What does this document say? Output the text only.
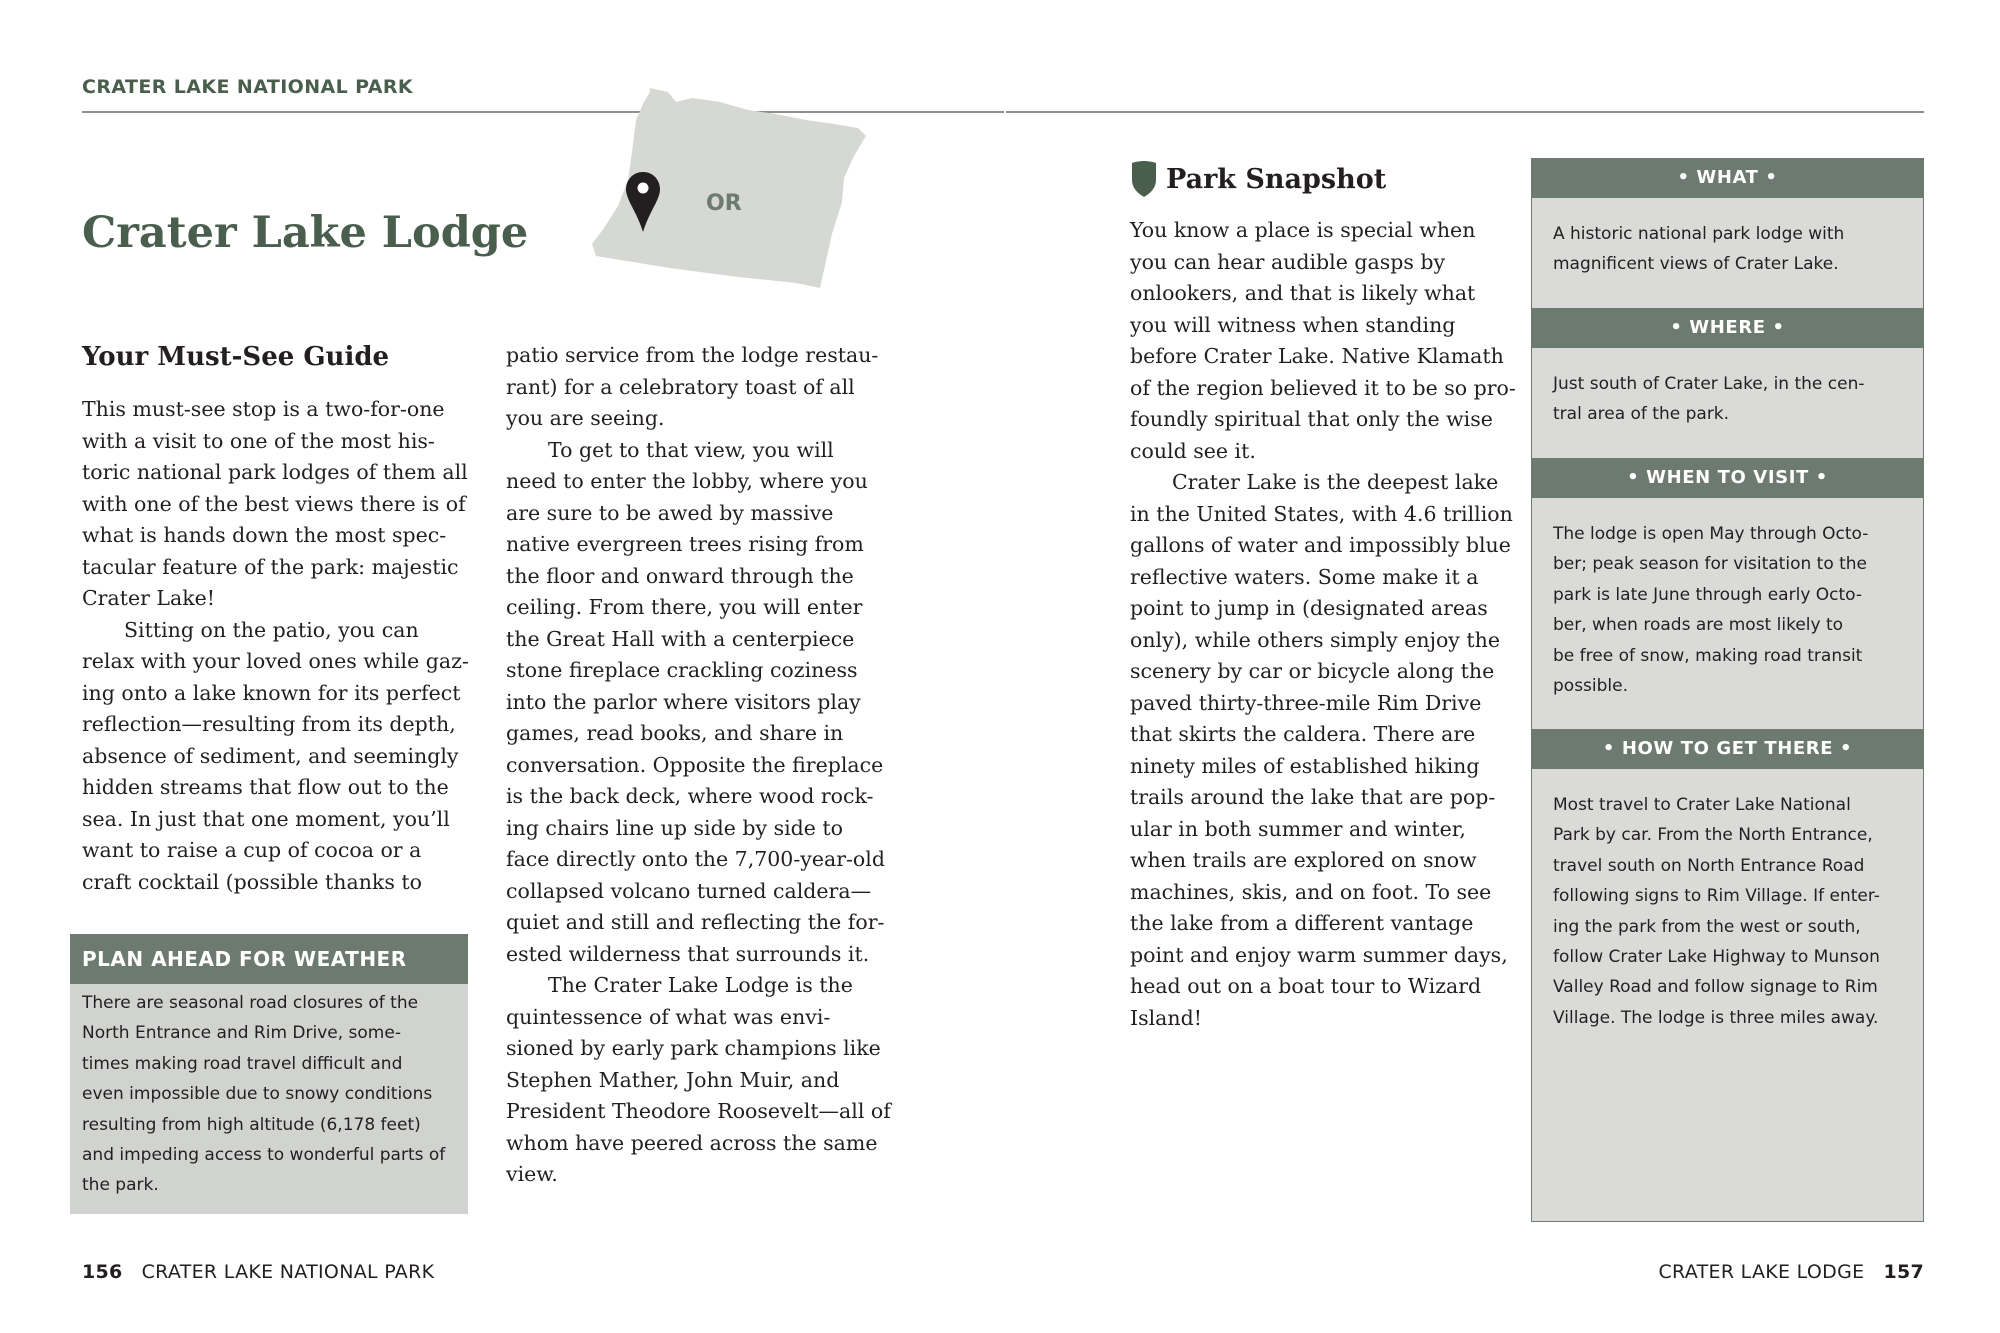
CRATER LAKE NATIONAL PARK
Crater Lake Lodge
OR
Your Must-See Guide
This must-see stop is a two-for-one
with a visit to one of the most his-
toric national park lodges of them all
with one of the best views there is of
what is hands down the most spec-
tacular feature of the park: majestic
Crater Lake!
Sitting on the patio, you can
relax with your loved ones while gaz-
ing onto a lake known for its perfect
reflection—resulting from its depth,
absence of sediment, and seemingly
hidden streams that flow out to the
sea. In just that one moment, you’ll
want to raise a cup of cocoa or a
craft cocktail (possible thanks to
PLAN AHEAD FOR WEATHER
There are seasonal road closures of the
North Entrance and Rim Drive, some-
times making road travel difficult and
even impossible due to snowy conditions
resulting from high altitude (6,178 feet)
and impeding access to wonderful parts of
the park.
patio service from the lodge restau-
rant) for a celebratory toast of all
you are seeing.
To get to that view, you will
need to enter the lobby, where you
are sure to be awed by massive
native evergreen trees rising from
the floor and onward through the
ceiling. From there, you will enter
the Great Hall with a centerpiece
stone fireplace crackling coziness
into the parlor where visitors play
games, read books, and share in
conversation. Opposite the fireplace
is the back deck, where wood rock-
ing chairs line up side by side to
face directly onto the 7,700-year-old
collapsed volcano turned caldera—
quiet and still and reflecting the for-
ested wilderness that surrounds it.
The Crater Lake Lodge is the
quintessence of what was envi-
sioned by early park champions like
Stephen Mather, John Muir, and
President Theodore Roosevelt—all of
whom have peered across the same
view.
Park Snapshot
You know a place is special when
you can hear audible gasps by
onlookers, and that is likely what
you will witness when standing
before Crater Lake. Native Klamath
of the region believed it to be so pro-
foundly spiritual that only the wise
could see it.
Crater Lake is the deepest lake
in the United States, with 4.6 trillion
gallons of water and impossibly blue
reflective waters. Some make it a
point to jump in (designated areas
only), while others simply enjoy the
scenery by car or bicycle along the
paved thirty-three-mile Rim Drive
that skirts the caldera. There are
ninety miles of established hiking
trails around the lake that are pop-
ular in both summer and winter,
when trails are explored on snow
machines, skis, and on foot. To see
the lake from a different vantage
point and enjoy warm summer days,
head out on a boat tour to Wizard
Island!
• WHAT •
A historic national park lodge with
magnificent views of Crater Lake.
• WHERE •
Just south of Crater Lake, in the cen-
tral area of the park.
• WHEN TO VISIT •
The lodge is open May through Octo-
ber; peak season for visitation to the
park is late June through early Octo-
ber, when roads are most likely to
be free of snow, making road transit
possible.
• HOW TO GET THERE •
Most travel to Crater Lake National
Park by car. From the North Entrance,
travel south on North Entrance Road
following signs to Rim Village. If enter-
ing the park from the west or south,
follow Crater Lake Highway to Munson
Valley Road and follow signage to Rim
Village. The lodge is three miles away.
156 CRATER LAKE NATIONAL PARK	CRATER LAKE LODGE 157
